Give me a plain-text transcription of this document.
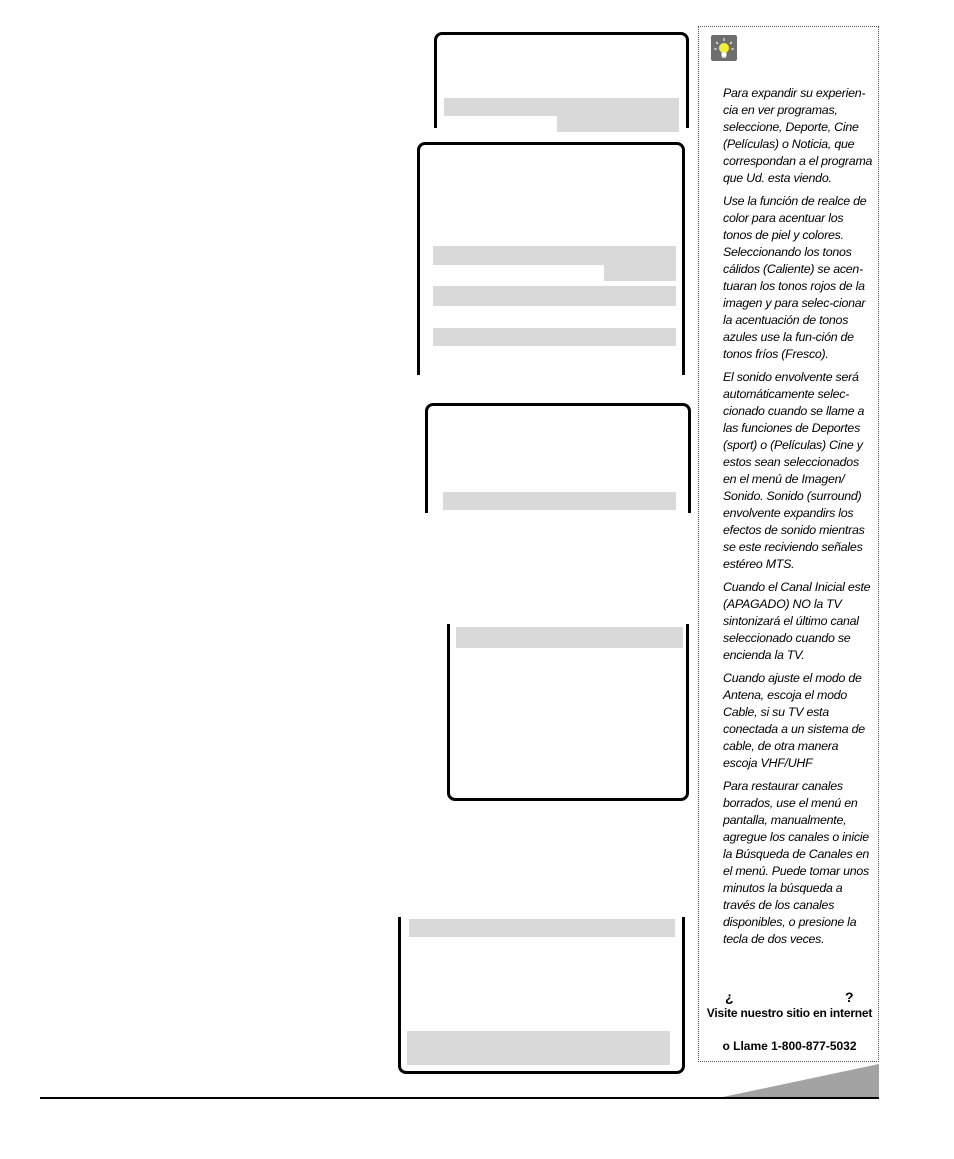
Para expandir su experien-cia en ver programas, seleccione, Deporte, Cine (Películas) o Noticia, que correspondan a el programa que Ud. esta viendo.

Use la función de realce de color para acentuar los tonos de piel y colores. Seleccionando los tonos cálidos (Caliente) se acen-tuaran los tonos rojos de la imagen y para selec-cionar la acentuación de tonos azules use la fun-ción de tonos fríos (Fresco).

El sonido envolvente será automáticamente selec-cionado cuando se llame a las funciones de Deportes (sport) o (Películas) Cine y estos sean seleccionados en el menú de Imagen/ Sonido. Sonido (surround) envolvente expandirs los efectos de sonido mientras se este reciviendo señales estéreo MTS.

Cuando el Canal Inicial este (APAGADO) NO la TV sintonizará el último canal seleccionado cuando se encienda la TV.

Cuando ajuste el modo de Antena, escoja el modo Cable, si su TV esta conectada a un sistema de cable, de otra manera escoja VHF/UHF

Para restaurar canales borrados, use el menú en pantalla, manualmente, agregue los canales o inicie la Búsqueda de Canales en el menú. Puede tomar unos minutos la búsqueda a través de los canales disponibles, o presione la tecla de dos veces.

¿	?
Visite nuestro sitio en internet
o Llame 1-800-877-5032
